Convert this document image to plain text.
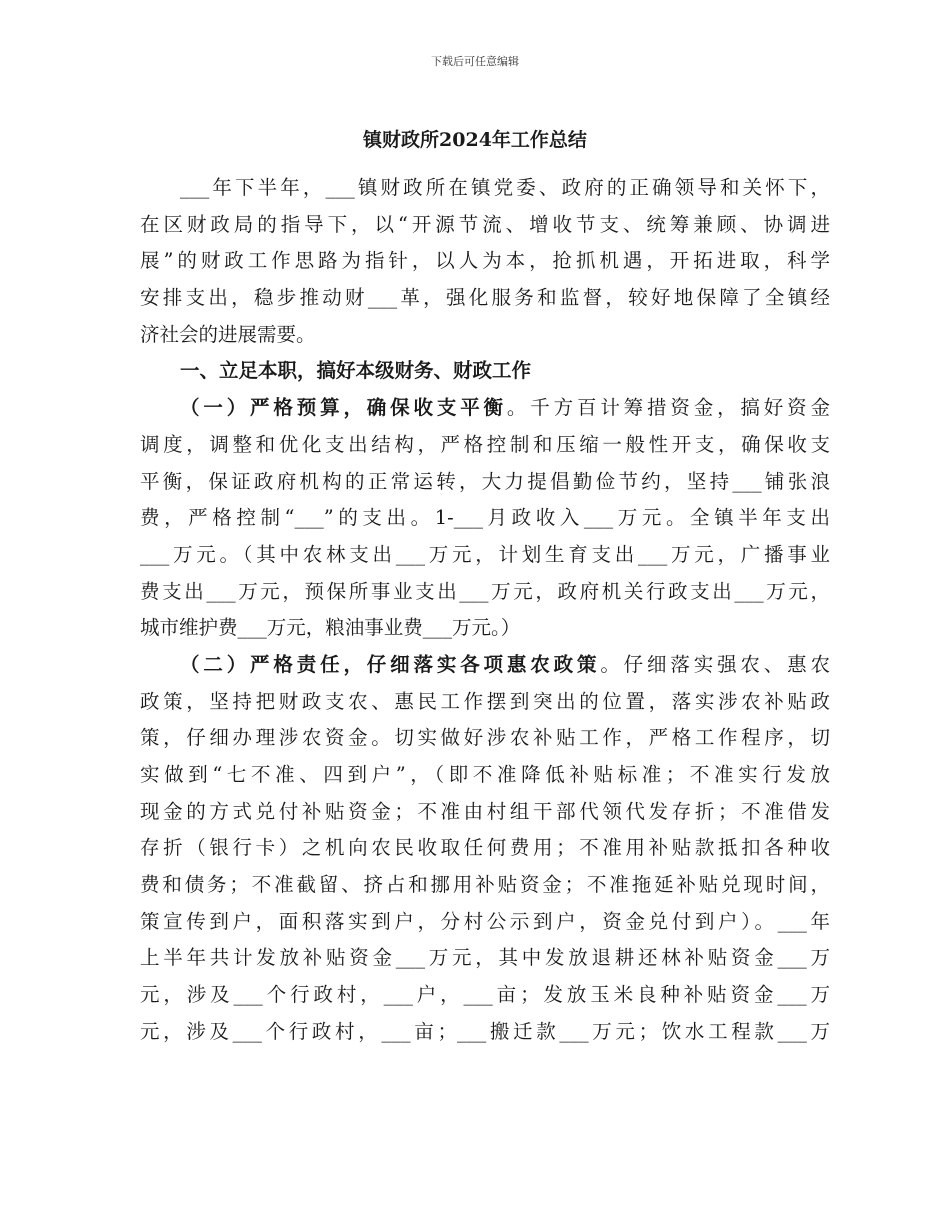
下载后可任意编辑
镇财政所2024年工作总结
___年下半年，___镇财政所在镇党委、政府的正确领导和关怀下，
在区财政局的指导下，以“开源节流、增收节支、统筹兼顾、协调进
展”的财政工作思路为指针，以人为本，抢抓机遇，开拓进取，科学
安排支出，稳步推动财___革，强化服务和监督，较好地保障了全镇经
济社会的进展需要。
一、立足本职，搞好本级财务、财政工作
（一）严格预算，确保收支平衡。千方百计筹措资金，搞好资金
调度，调整和优化支出结构，严格控制和压缩一般性开支，确保收支
平衡，保证政府机构的正常运转，大力提倡勤俭节约，坚持___铺张浪
费，严格控制“___”的支出。1-___月政收入___万元。全镇半年支出
___万元。（其中农林支出___万元，计划生育支出___万元，广播事业
费支出___万元，预保所事业支出___万元，政府机关行政支出___万元，
城市维护费___万元，粮油事业费___万元。）
（二）严格责任，仔细落实各项惠农政策。仔细落实强农、惠农
政策，坚持把财政支农、惠民工作摆到突出的位置，落实涉农补贴政
策，仔细办理涉农资金。切实做好涉农补贴工作，严格工作程序，切
实做到“七不准、四到户”，（即不准降低补贴标准；不准实行发放
现金的方式兑付补贴资金；不准由村组干部代领代发存折；不准借发
存折（银行卡）之机向农民收取任何费用；不准用补贴款抵扣各种收
费和债务；不准截留、挤占和挪用补贴资金；不准拖延补贴兑现时间，
策宣传到户，面积落实到户，分村公示到户，资金兑付到户）。___年
上半年共计发放补贴资金___万元，其中发放退耕还林补贴资金___万
元，涉及___个行政村，___户，___亩；发放玉米良种补贴资金___万
元，涉及___个行政村，___亩；___搬迁款___万元；饮水工程款___万
